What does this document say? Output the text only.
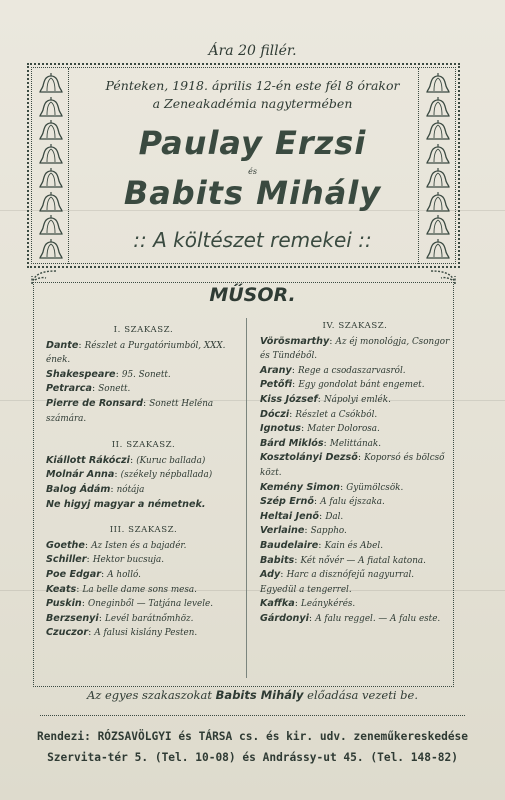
Ára 20 fillér.
Pénteken, 1918. április 12-én este fél 8 órakor
a Zeneakadémia nagytermében
Paulay Erzsi
és
Babits Mihály
:: A költészet remekei ::
MŰSOR.
I. SZAKASZ.
Dante: Részlet a Purgatóriumból, XXX. ének.
Shakespeare: 95. Sonett.
Petrarca: Sonett.
Pierre de Ronsard: Sonett Heléna számára.
II. SZAKASZ.
Kiállott Rákóczi: (Kuruc ballada)
Molnár Anna: (székely népballada)
Balog Ádám: nótája
Ne higyj magyar a németnek.
III. SZAKASZ.
Goethe: Az Isten és a bajadér.
Schiller: Hektor bucsuja.
Poe Edgar: A holló.
Keats: La belle dame sons mesa.
Puskin: Oneginből — Tatjána levele.
Berzsenyi: Levél barátnőmhöz.
Czuczor: A falusi kislány Pesten.
IV. SZAKASZ.
Vörösmarthy: Az éj monológja, Csongor és Tündéből.
Arany: Rege a csodaszarvasról.
Petőfi: Egy gondolat bánt engemet.
Kiss József: Nápolyi emlék.
Dóczi: Részlet a Csókból.
Ignotus: Mater Dolorosa.
Bárd Miklós: Melittának.
Kosztolányi Dezső: Koporsó és bölcső közt.
Kemény Simon: Gyümölcsök.
Szép Ernő: A falu éjszaka.
Heltai Jenő: Dal.
Verlaine: Sappho.
Baudelaire: Kain és Abel.
Babits: Két nővér — A fiatal katona.
Ady: Harc a disznófejű nagyurral. Egyedül a tengerrel.
Kaffka: Leánykérés.
Gárdonyi: A falu reggel. — A falu este.
Az egyes szakaszokat Babits Mihály előadása vezeti be.
Rendezi: RÓZSAVÖLGYI és TÁRSA cs. és kir. udv. zeneműkereskedése
Szervita-tér 5. (Tel. 10-08) és Andrássy-ut 45. (Tel. 148-82)
